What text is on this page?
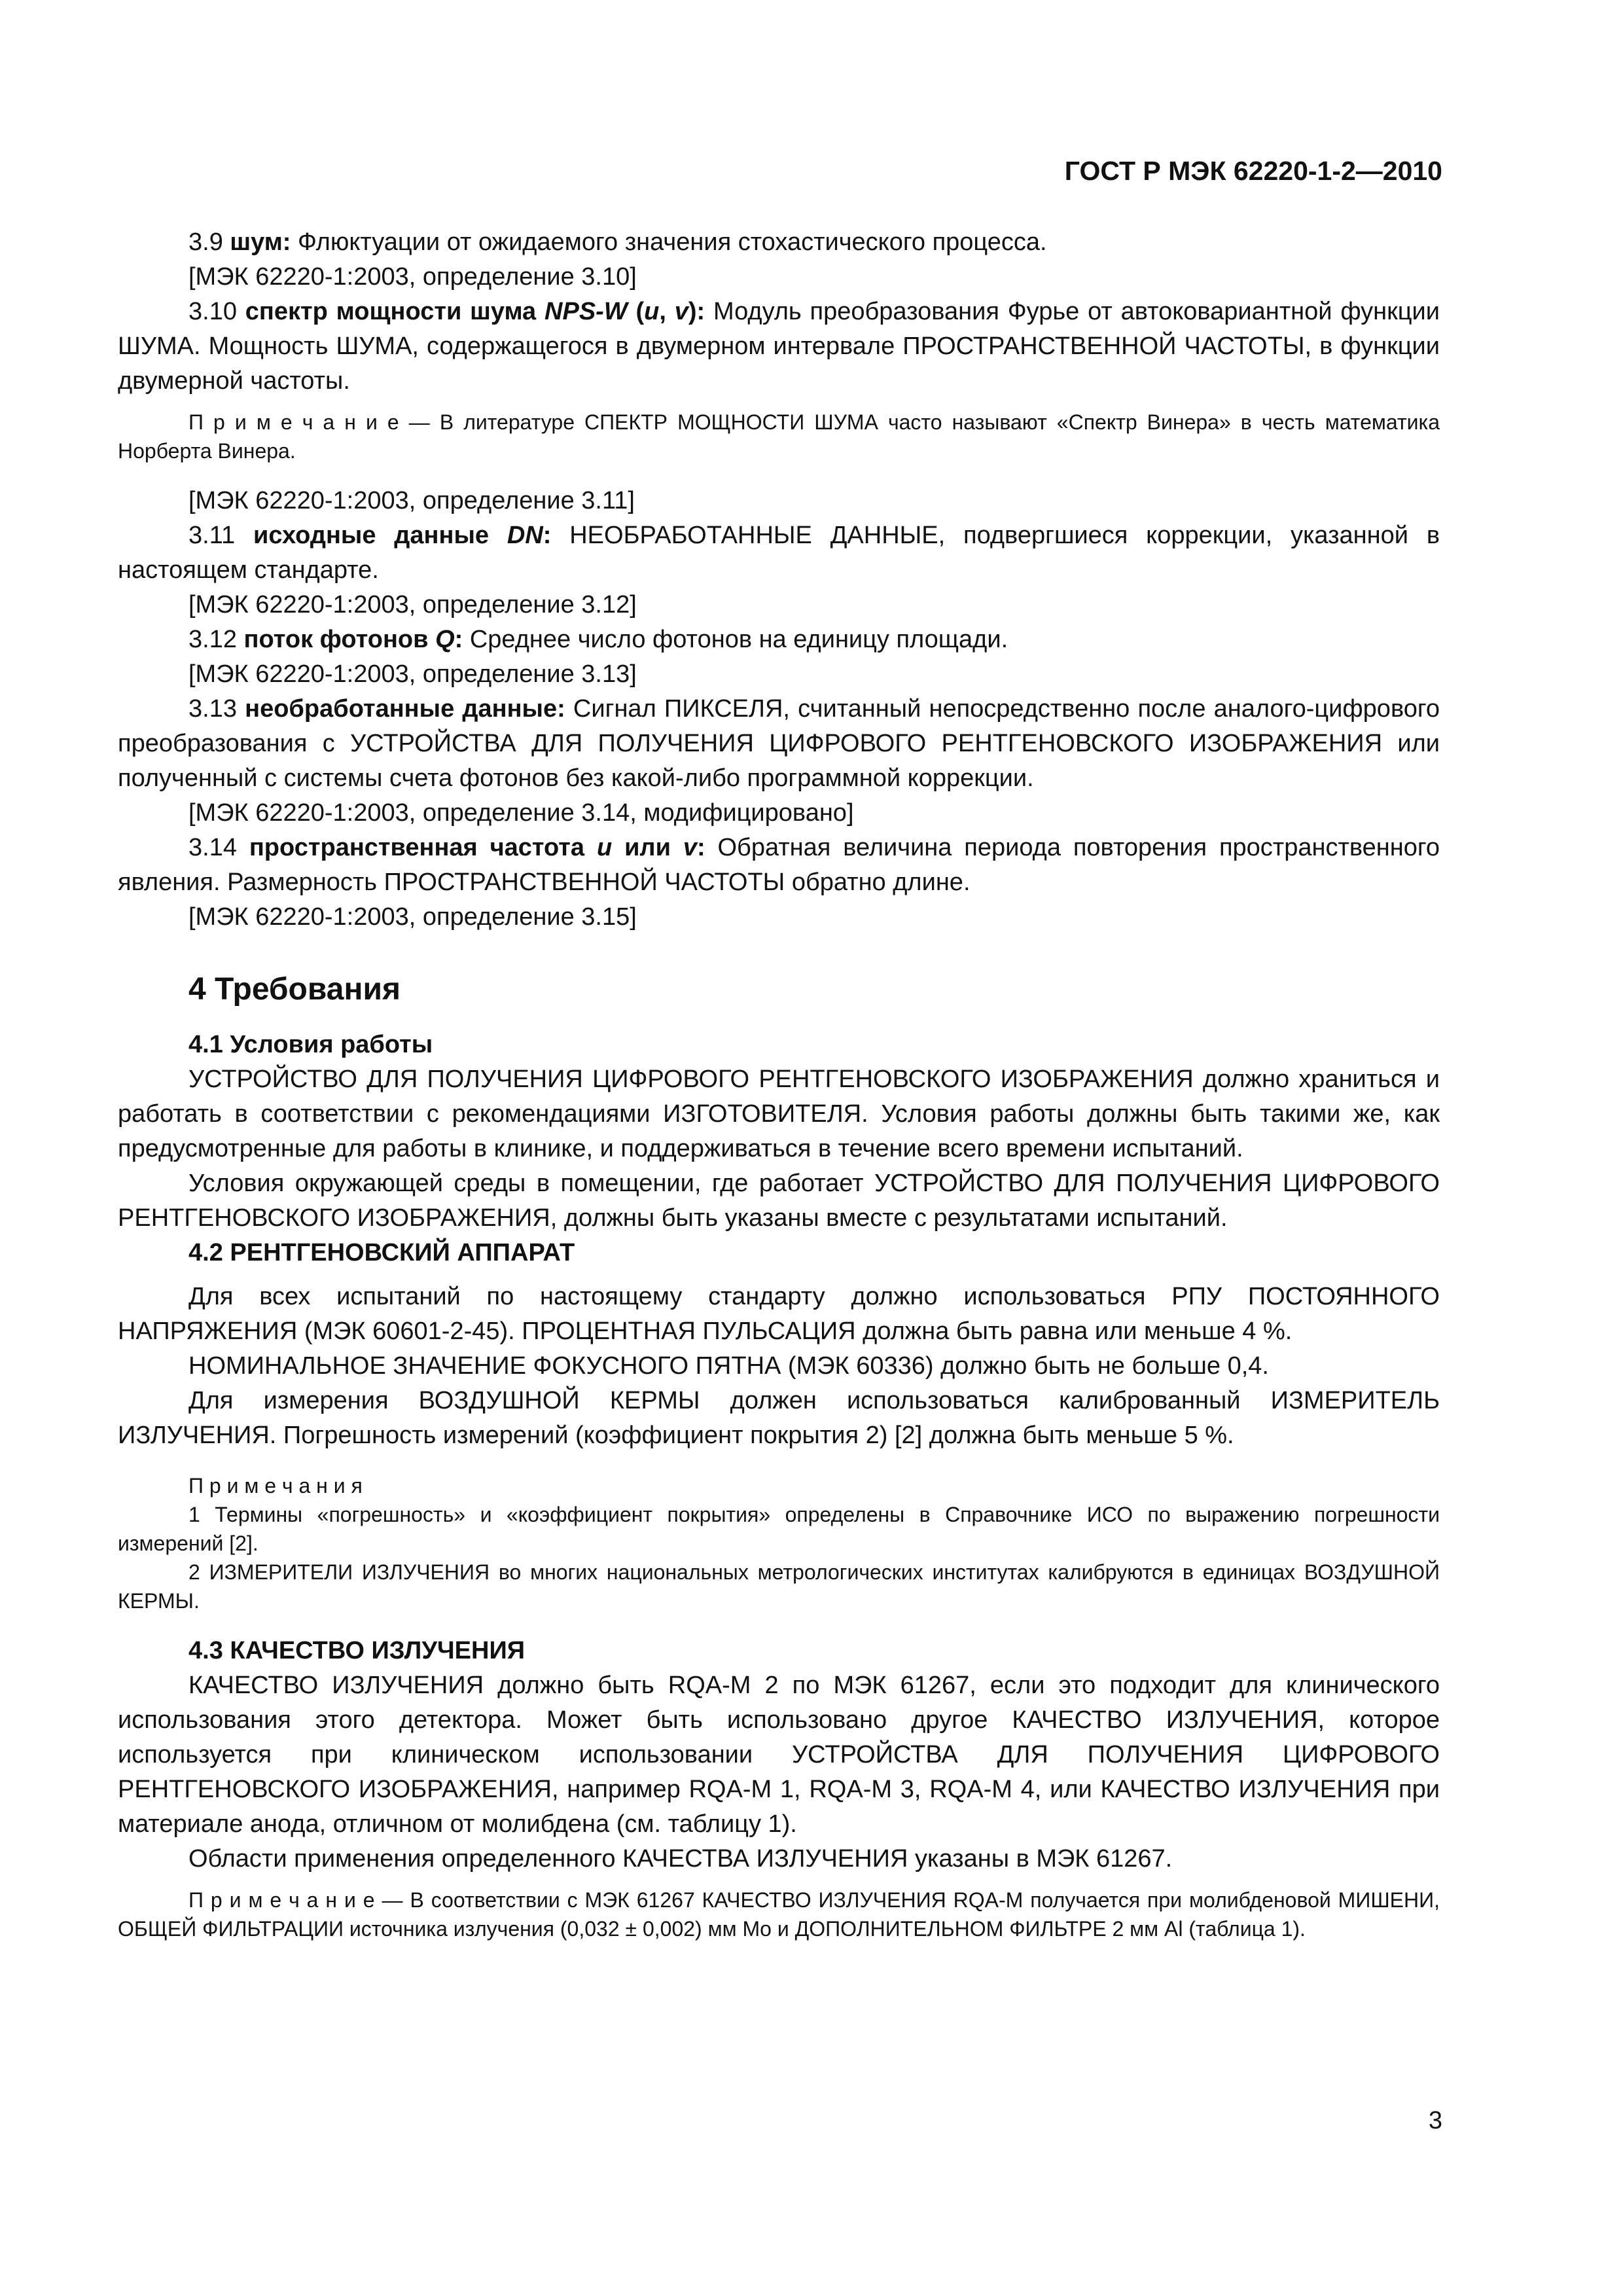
ГОСТ Р МЭК 62220-1-2—2010

3.9 шум: Флюктуации от ожидаемого значения стохастического процесса.

[МЭК 62220-1:2003, определение 3.10]

3.10 спектр мощности шума NPS-W (u, v): Модуль преобразования Фурье от автоковариантной функции ШУМА. Мощность ШУМА, содержащегося в двумерном интервале ПРОСТРАНСТВЕННОЙ ЧАСТОТЫ, в функции двумерной частоты.

П р и м е ч а н и е — В литературе СПЕКТР МОЩНОСТИ ШУМА часто называют «Спектр Винера» в честь математика Норберта Винера.

[МЭК 62220-1:2003, определение 3.11]

3.11 исходные данные DN: НЕОБРАБОТАННЫЕ ДАННЫЕ, подвергшиеся коррекции, указанной в настоящем стандарте.

[МЭК 62220-1:2003, определение 3.12]

3.12 поток фотонов Q: Среднее число фотонов на единицу площади.

[МЭК 62220-1:2003, определение 3.13]

3.13 необработанные данные: Сигнал ПИКСЕЛЯ, считанный непосредственно после аналого-цифрового преобразования с УСТРОЙСТВА ДЛЯ ПОЛУЧЕНИЯ ЦИФРОВОГО РЕНТГЕНОВСКОГО ИЗОБРАЖЕНИЯ или полученный с системы счета фотонов без какой-либо программной коррекции.

[МЭК 62220-1:2003, определение 3.14, модифицировано]

3.14 пространственная частота u или v: Обратная величина периода повторения пространственного явления. Размерность ПРОСТРАНСТВЕННОЙ ЧАСТОТЫ обратно длине.

[МЭК 62220-1:2003, определение 3.15]

4 Требования
4.1 Условия работы

УСТРОЙСТВО ДЛЯ ПОЛУЧЕНИЯ ЦИФРОВОГО РЕНТГЕНОВСКОГО ИЗОБРАЖЕНИЯ должно храниться и работать в соответствии с рекомендациями ИЗГОТОВИТЕЛЯ. Условия работы должны быть такими же, как предусмотренные для работы в клинике, и поддерживаться в течение всего времени испытаний.

Условия окружающей среды в помещении, где работает УСТРОЙСТВО ДЛЯ ПОЛУЧЕНИЯ ЦИФРОВОГО РЕНТГЕНОВСКОГО ИЗОБРАЖЕНИЯ, должны быть указаны вместе с результатами испытаний.

4.2 РЕНТГЕНОВСКИЙ АППАРАТ

Для всех испытаний по настоящему стандарту должно использоваться РПУ ПОСТОЯННОГО НАПРЯЖЕНИЯ (МЭК 60601-2-45). ПРОЦЕНТНАЯ ПУЛЬСАЦИЯ должна быть равна или меньше 4 %.

НОМИНАЛЬНОЕ ЗНАЧЕНИЕ ФОКУСНОГО ПЯТНА (МЭК 60336) должно быть не больше 0,4.

Для измерения ВОЗДУШНОЙ КЕРМЫ должен использоваться калиброванный ИЗМЕРИТЕЛЬ ИЗЛУЧЕНИЯ. Погрешность измерений (коэффициент покрытия 2) [2] должна быть меньше 5 %.

П р и м е ч а н и я

1 Термины «погрешность» и «коэффициент покрытия» определены в Справочнике ИСО по выражению погрешности измерений [2].

2 ИЗМЕРИТЕЛИ ИЗЛУЧЕНИЯ во многих национальных метрологических институтах калибруются в единицах ВОЗДУШНОЙ КЕРМЫ.

4.3 КАЧЕСТВО ИЗЛУЧЕНИЯ

КАЧЕСТВО ИЗЛУЧЕНИЯ должно быть RQA-M 2 по МЭК 61267, если это подходит для клинического использования этого детектора. Может быть использовано другое КАЧЕСТВО ИЗЛУЧЕНИЯ, которое используется при клиническом использовании УСТРОЙСТВА ДЛЯ ПОЛУЧЕНИЯ ЦИФРОВОГО РЕНТГЕНОВСКОГО ИЗОБРАЖЕНИЯ, например RQA-M 1, RQA-M 3, RQA-M 4, или КАЧЕСТВО ИЗЛУЧЕНИЯ при материале анода, отличном от молибдена (см. таблицу 1).

Области применения определенного КАЧЕСТВА ИЗЛУЧЕНИЯ указаны в МЭК 61267.

П р и м е ч а н и е — В соответствии с МЭК 61267 КАЧЕСТВО ИЗЛУЧЕНИЯ RQA-M получается при молибденовой МИШЕНИ, ОБЩЕЙ ФИЛЬТРАЦИИ источника излучения (0,032 ± 0,002) мм Mo и ДОПОЛНИТЕЛЬНОМ ФИЛЬТРЕ 2 мм Al (таблица 1).

3
